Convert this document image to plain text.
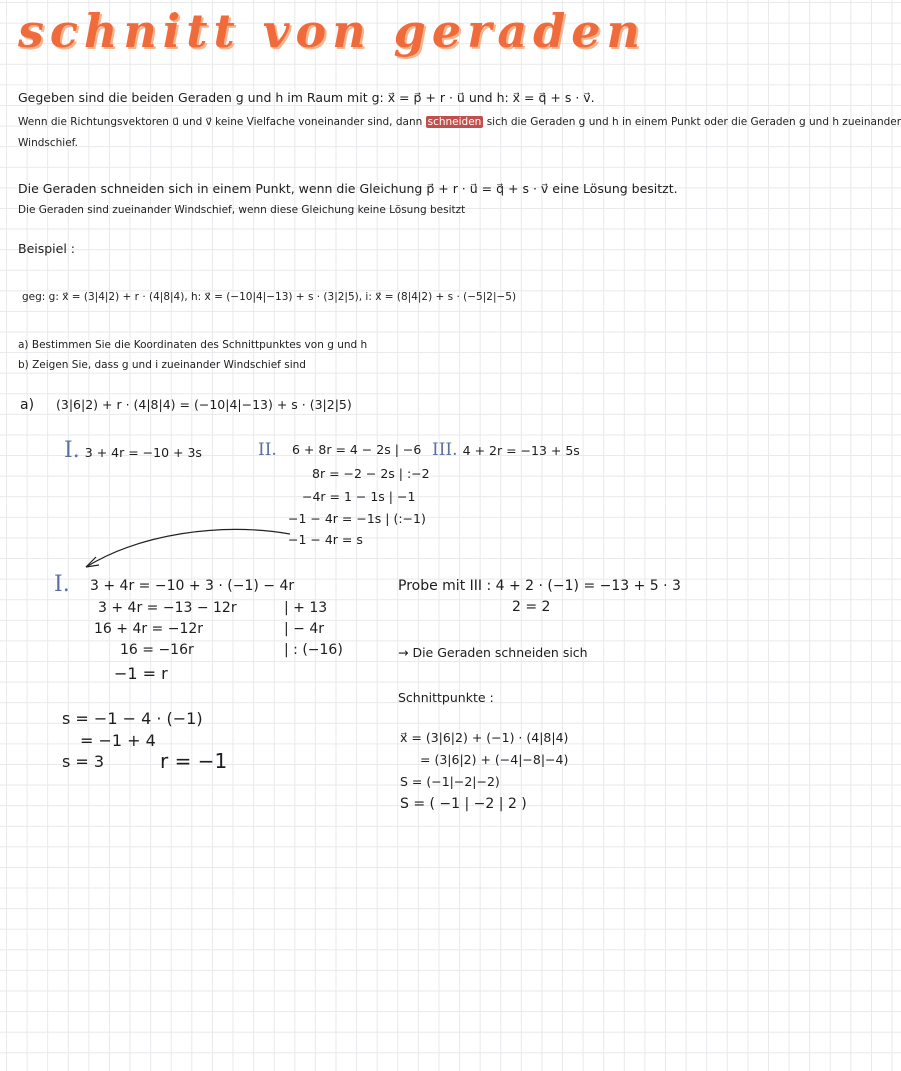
schnitt von geraden
Gegeben sind die beiden Geraden g und h im Raum mit g: x⃗ = p⃗ + r · u⃗ und h: x⃗ = q⃗ + s · v⃗.
Wenn die Richtungsvektoren u⃗ und v⃗ keine Vielfache voneinander sind, dann schneiden sich die Geraden g und h in einem Punkt oder die Geraden g und h zueinander
Windschief.
Die Geraden schneiden sich in einem Punkt, wenn die Gleichung p⃗ + r · u⃗ = q⃗ + s · v⃗ eine Lösung besitzt.
Die Geraden sind zueinander Windschief, wenn diese Gleichung keine Lösung besitzt
Beispiel :
geg: g: x⃗ = (3|4|2) + r · (4|8|4), h: x⃗ = (−10|4|−13) + s · (3|2|5), i: x⃗ = (8|4|2) + s · (−5|2|−5)
a) Bestimmen Sie die Koordinaten des Schnittpunktes von g und h
b) Zeigen Sie, dass g und i zueinander Windschief sind
a) (3|6|2) + r · (4|8|4) = (−10|4|−13) + s · (3|2|5)
I. 3 + 4r = −10 + 3s	II. 6 + 8r = 4 − 2s | −6
8r = −2 − 2s | :−2
−4r = 1 − 1s | −1
−1 − 4r = −1s | (:−1)
−1 − 4r = s
III. 4 + 2r = −13 + 5s
I. 3 + 4r = −10 + 3 · (−1) − 4r
3 + 4r = −13 − 12r
16 + 4r = −12r
16 = −16r
−1 = r
| + 13
| − 4r
| : (−16)
s = −1 − 4 · (−1)
= −1 + 4
s = 3	r = −1
Probe mit III : 4 + 2 · (−1) = −13 + 5 · 3
2 = 2
→ Die Geraden schneiden sich
Schnittpunkte :
x⃗ = (3|6|2) + (−1) · (4|8|4)
= (3|6|2) + (−4|−8|−4)
S = (−1|−2|−2)
S = ( −1 | −2 | 2 )
